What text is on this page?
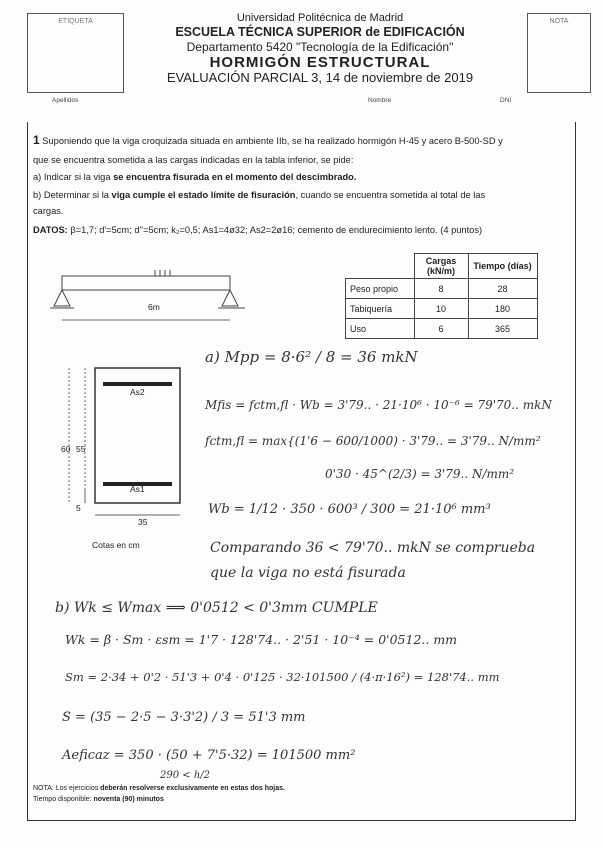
ETIQUETA	NOTA
Universidad Politécnica de Madrid
ESCUELA TÉCNICA SUPERIOR de EDIFICACIÓN
Departamento 5420 "Tecnología de la Edificación"
HORMIGÓN ESTRUCTURAL
EVALUACIÓN PARCIAL 3, 14 de noviembre de 2019
Apellidos	Nombre	DNI
1 Suponiendo que la viga croquizada situada en ambiente IIb, se ha realizado hormigón H-45 y acero B-500-SD y
que se encuentra sometida a las cargas indicadas en la tabla inferior, se pide:
a) Indicar si la viga se encuentra fisurada en el momento del descimbrado.
b) Determinar si la viga cumple el estado límite de fisuración, cuando se encuentra sometida al total de las
cargas.
DATOS: β=1,7; d'=5cm; d''=5cm; k₂=0,5; As1=4ø32; As2=2ø16; cemento de endurecimiento lento. (4 puntos)
6m
	Cargas (kN/m)	Tiempo (días)
Peso propio	8	28
Tabiquería	10	180
Uso	6	365
As2
As1
60 55
5
35
Cotas en cm
a) Mpp = 8·6² / 8 = 36 mkN
Mfis = fctm,fl · Wb = 3'79.. · 21·10⁶ · 10⁻⁶ = 79'70.. mkN
fctm,fl = max{(1'6 − 600/1000) · 3'79.. = 3'79.. N/mm²
0'30 · 45^(2/3) = 3'79.. N/mm²
Wb = 1/12 · 350 · 600³ / 300 = 21·10⁶ mm³
Comparando 36 < 79'70.. mkN se comprueba
que la viga no está fisurada
b) Wk ≤ Wmax ⟹ 0'0512 < 0'3mm CUMPLE
Wk = β · Sm · εsm = 1'7 · 128'74.. · 2'51 · 10⁻⁴ = 0'0512.. mm
Sm = 2·34 + 0'2 · 51'3 + 0'4 · 0'125 · 32·101500 / (4·π·16²) = 128'74.. mm
S = (35 − 2·5 − 3·3'2) / 3 = 51'3 mm
Aeficaz = 350 · (50 + 7'5·32) = 101500 mm²
290 < h/2
NOTA: Los ejercicios deberán resolverse exclusivamente en estas dos hojas.
Tiempo disponible: noventa (90) minutos
